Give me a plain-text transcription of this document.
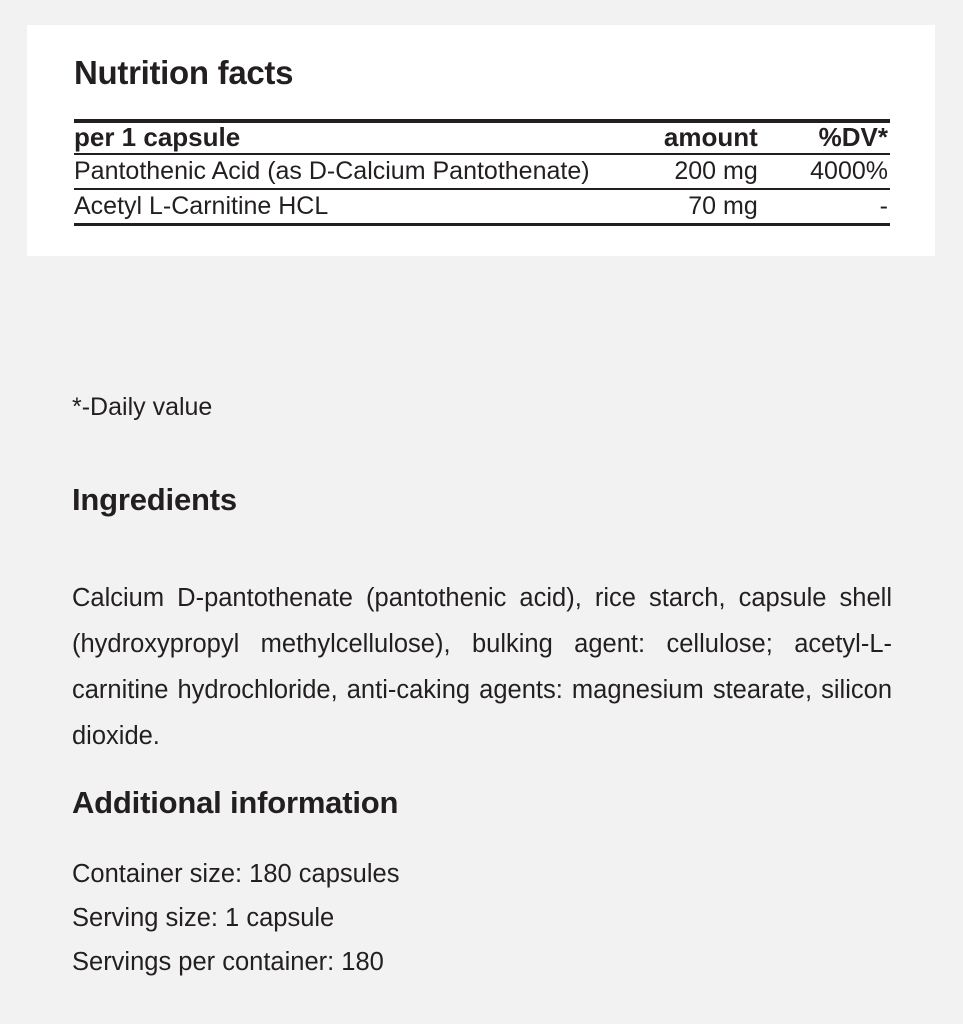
Nutrition facts
per 1 capsule	amount	%DV*
Pantothenic Acid (as D-Calcium Pantothenate)	200 mg	4000%
Acetyl L-Carnitine HCL	70 mg	-
*-Daily value
Ingredients

Calcium D-pantothenate (pantothenic acid), rice starch, capsule shell (hydroxypropyl methylcellulose), bulking agent: cellulose; acetyl-L-carnitine hydrochloride, anti-caking agents: magnesium stearate, silicon dioxide.

Additional information
Container size: 180 capsules
Serving size: 1 capsule
Servings per container: 180
